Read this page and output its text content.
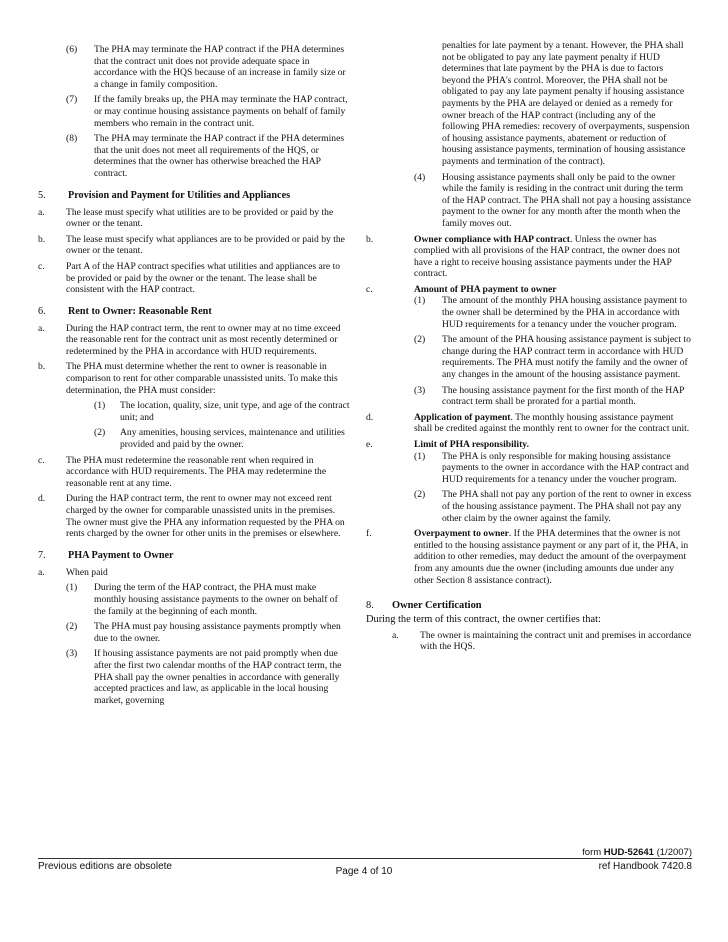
(6) The PHA may terminate the HAP contract if the PHA determines that the contract unit does not provide adequate space in accordance with the HQS because of an increase in family size or a change in family composition.
(7) If the family breaks up, the PHA may terminate the HAP contract, or may continue housing assistance payments on behalf of family members who remain in the contract unit.
(8) The PHA may terminate the HAP contract if the PHA determines that the unit does not meet all requirements of the HQS, or determines that the owner has otherwise breached the HAP contract.
5. Provision and Payment for Utilities and Appliances
a. The lease must specify what utilities are to be provided or paid by the owner or the tenant.
b. The lease must specify what appliances are to be provided or paid by the owner or the tenant.
c. Part A of the HAP contract specifies what utilities and appliances are to be provided or paid by the owner or the tenant. The lease shall be consistent with the HAP contract.
6. Rent to Owner: Reasonable Rent
a. During the HAP contract term, the rent to owner may at no time exceed the reasonable rent for the contract unit as most recently determined or redetermined by the PHA in accordance with HUD requirements.
b. The PHA must determine whether the rent to owner is reasonable in comparison to rent for other comparable unassisted units. To make this determination, the PHA must consider:
(1) The location, quality, size, unit type, and age of the contract unit; and
(2) Any amenities, housing services, maintenance and utilities provided and paid by the owner.
c. The PHA must redetermine the reasonable rent when required in accordance with HUD requirements. The PHA may redetermine the reasonable rent at any time.
d. During the HAP contract term, the rent to owner may not exceed rent charged by the owner for comparable unassisted units in the premises. The owner must give the PHA any information requested by the PHA on rents charged by the owner for other units in the premises or elsewhere.
7. PHA Payment to Owner
a. When paid
(1) During the term of the HAP contract, the PHA must make monthly housing assistance payments to the owner on behalf of the family at the beginning of each month.
(2) The PHA must pay housing assistance payments promptly when due to the owner.
(3) If housing assistance payments are not paid promptly when due after the first two calendar months of the HAP contract term, the PHA shall pay the owner penalties in accordance with generally accepted practices and law, as applicable in the local housing market, governing
penalties for late payment by a tenant. However, the PHA shall not be obligated to pay any late payment penalty if HUD determines that late payment by the PHA is due to factors beyond the PHA's control. Moreover, the PHA shall not be obligated to pay any late payment penalty if housing assistance payments by the PHA are delayed or denied as a remedy for owner breach of the HAP contract (including any of the following PHA remedies: recovery of overpayments, suspension of housing assistance payments, abatement or reduction of housing assistance payments, termination of housing assistance payments and termination of the contract).
(4) Housing assistance payments shall only be paid to the owner while the family is residing in the contract unit during the term of the HAP contract. The PHA shall not pay a housing assistance payment to the owner for any month after the month when the family moves out.
b.	Owner compliance with HAP contract. Unless the owner has complied with all provisions of the HAP contract, the owner does not have a right to receive housing assistance payments under the HAP contract.
c.	Amount of PHA payment to owner
(1) The amount of the monthly PHA housing assistance payment to the owner shall be determined by the PHA in accordance with HUD requirements for a tenancy under the voucher program.
(2) The amount of the PHA housing assistance payment is subject to change during the HAP contract term in accordance with HUD requirements. The PHA must notify the family and the owner of any changes in the amount of the housing assistance payment.
(3) The housing assistance payment for the first month of the HAP contract term shall be prorated for a partial month.
d.	Application of payment. The monthly housing assistance payment shall be credited against the monthly rent to owner for the contract unit.
e.	Limit of PHA responsibility.
(1) The PHA is only responsible for making housing assistance payments to the owner in accordance with the HAP contract and HUD requirements for a tenancy under the voucher program.
(2) The PHA shall not pay any portion of the rent to owner in excess of the housing assistance payment. The PHA shall not pay any other claim by the owner against the family.
f.	Overpayment to owner. If the PHA determines that the owner is not entitled to the housing assistance payment or any part of it, the PHA, in addition to other remedies, may deduct the amount of the overpayment from any amounts due the owner (including amounts due under any other Section 8 assistance contract).
8. Owner Certification
During the term of this contract, the owner certifies that:
a. The owner is maintaining the contract unit and premises in accordance with the HQS.
Previous editions are obsolete	Page 4 of 10
form HUD-52641 (1/2007)
ref Handbook 7420.8
